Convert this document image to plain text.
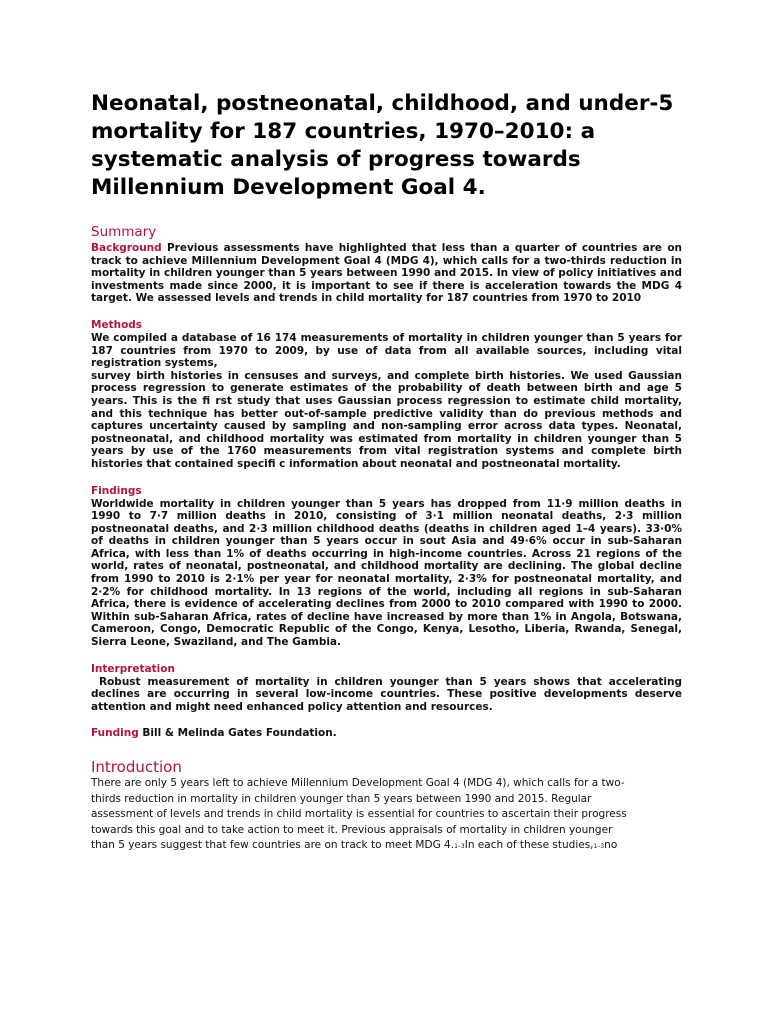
Neonatal, postneonatal, childhood, and under-5 mortality for 187 countries, 1970–2010: a systematic analysis of progress towards Millennium Development Goal 4.
Summary

Background Previous assessments have highlighted that less than a quarter of countries are on track to achieve Millennium Development Goal 4 (MDG 4), which calls for a two-thirds reduction in mortality in children younger than 5 years between 1990 and 2015. In view of policy initiatives and investments made since 2000, it is important to see if there is acceleration towards the MDG 4 target. We assessed levels and trends in child mortality for 187 countries from 1970 to 2010

Methods

We compiled a database of 16 174 measurements of mortality in children younger than 5 years for 187 countries from 1970 to 2009, by use of data from all available sources, including vital registration systems,
survey birth histories in censuses and surveys, and complete birth histories. We used Gaussian process regression to generate estimates of the probability of death between birth and age 5 years. This is the fi rst study that uses Gaussian process regression to estimate child mortality, and this technique has better out-of-sample predictive validity than do previous methods and captures uncertainty caused by sampling and non-sampling error across data types. Neonatal, postneonatal, and childhood mortality was estimated from mortality in children younger than 5 years by use of the 1760 measurements from vital registration systems and complete birth histories that contained specifi c information about neonatal and postneonatal mortality.

Findings

Worldwide mortality in children younger than 5 years has dropped from 11·9 million deaths in 1990 to 7·7 million deaths in 2010, consisting of 3·1 million neonatal deaths, 2·3 million postneonatal deaths, and 2·3 million childhood deaths (deaths in children aged 1–4 years). 33·0% of deaths in children younger than 5 years occur in sout Asia and 49·6% occur in sub-Saharan Africa, with less than 1% of deaths occurring in high-income countries. Across 21 regions of the world, rates of neonatal, postneonatal, and childhood mortality are declining. The global decline from 1990 to 2010 is 2·1% per year for neonatal mortality, 2·3% for postneonatal mortality, and 2·2% for childhood mortality. In 13 regions of the world, including all regions in sub-Saharan Africa, there is evidence of accelerating declines from 2000 to 2010 compared with 1990 to 2000. Within sub-Saharan Africa, rates of decline have increased by more than 1% in Angola, Botswana, Cameroon, Congo, Democratic Republic of the Congo, Kenya, Lesotho, Liberia, Rwanda, Senegal, Sierra Leone, Swaziland, and The Gambia.

Interpretation

Robust measurement of mortality in children younger than 5 years shows that accelerating declines are occurring in several low-income countries. These positive developments deserve attention and might need enhanced policy attention and resources.

Funding Bill & Melinda Gates Foundation.

Introduction

There are only 5 years left to achieve Millennium Development Goal 4 (MDG 4), which calls for a two-
thirds reduction in mortality in children younger than 5 years between 1990 and 2015. Regular
assessment of levels and trends in child mortality is essential for countries to ascertain their progress
towards this goal and to take action to meet it. Previous appraisals of mortality in children younger
than 5 years suggest that few countries are on track to meet MDG 4.1–3In each of these studies,1–3no
